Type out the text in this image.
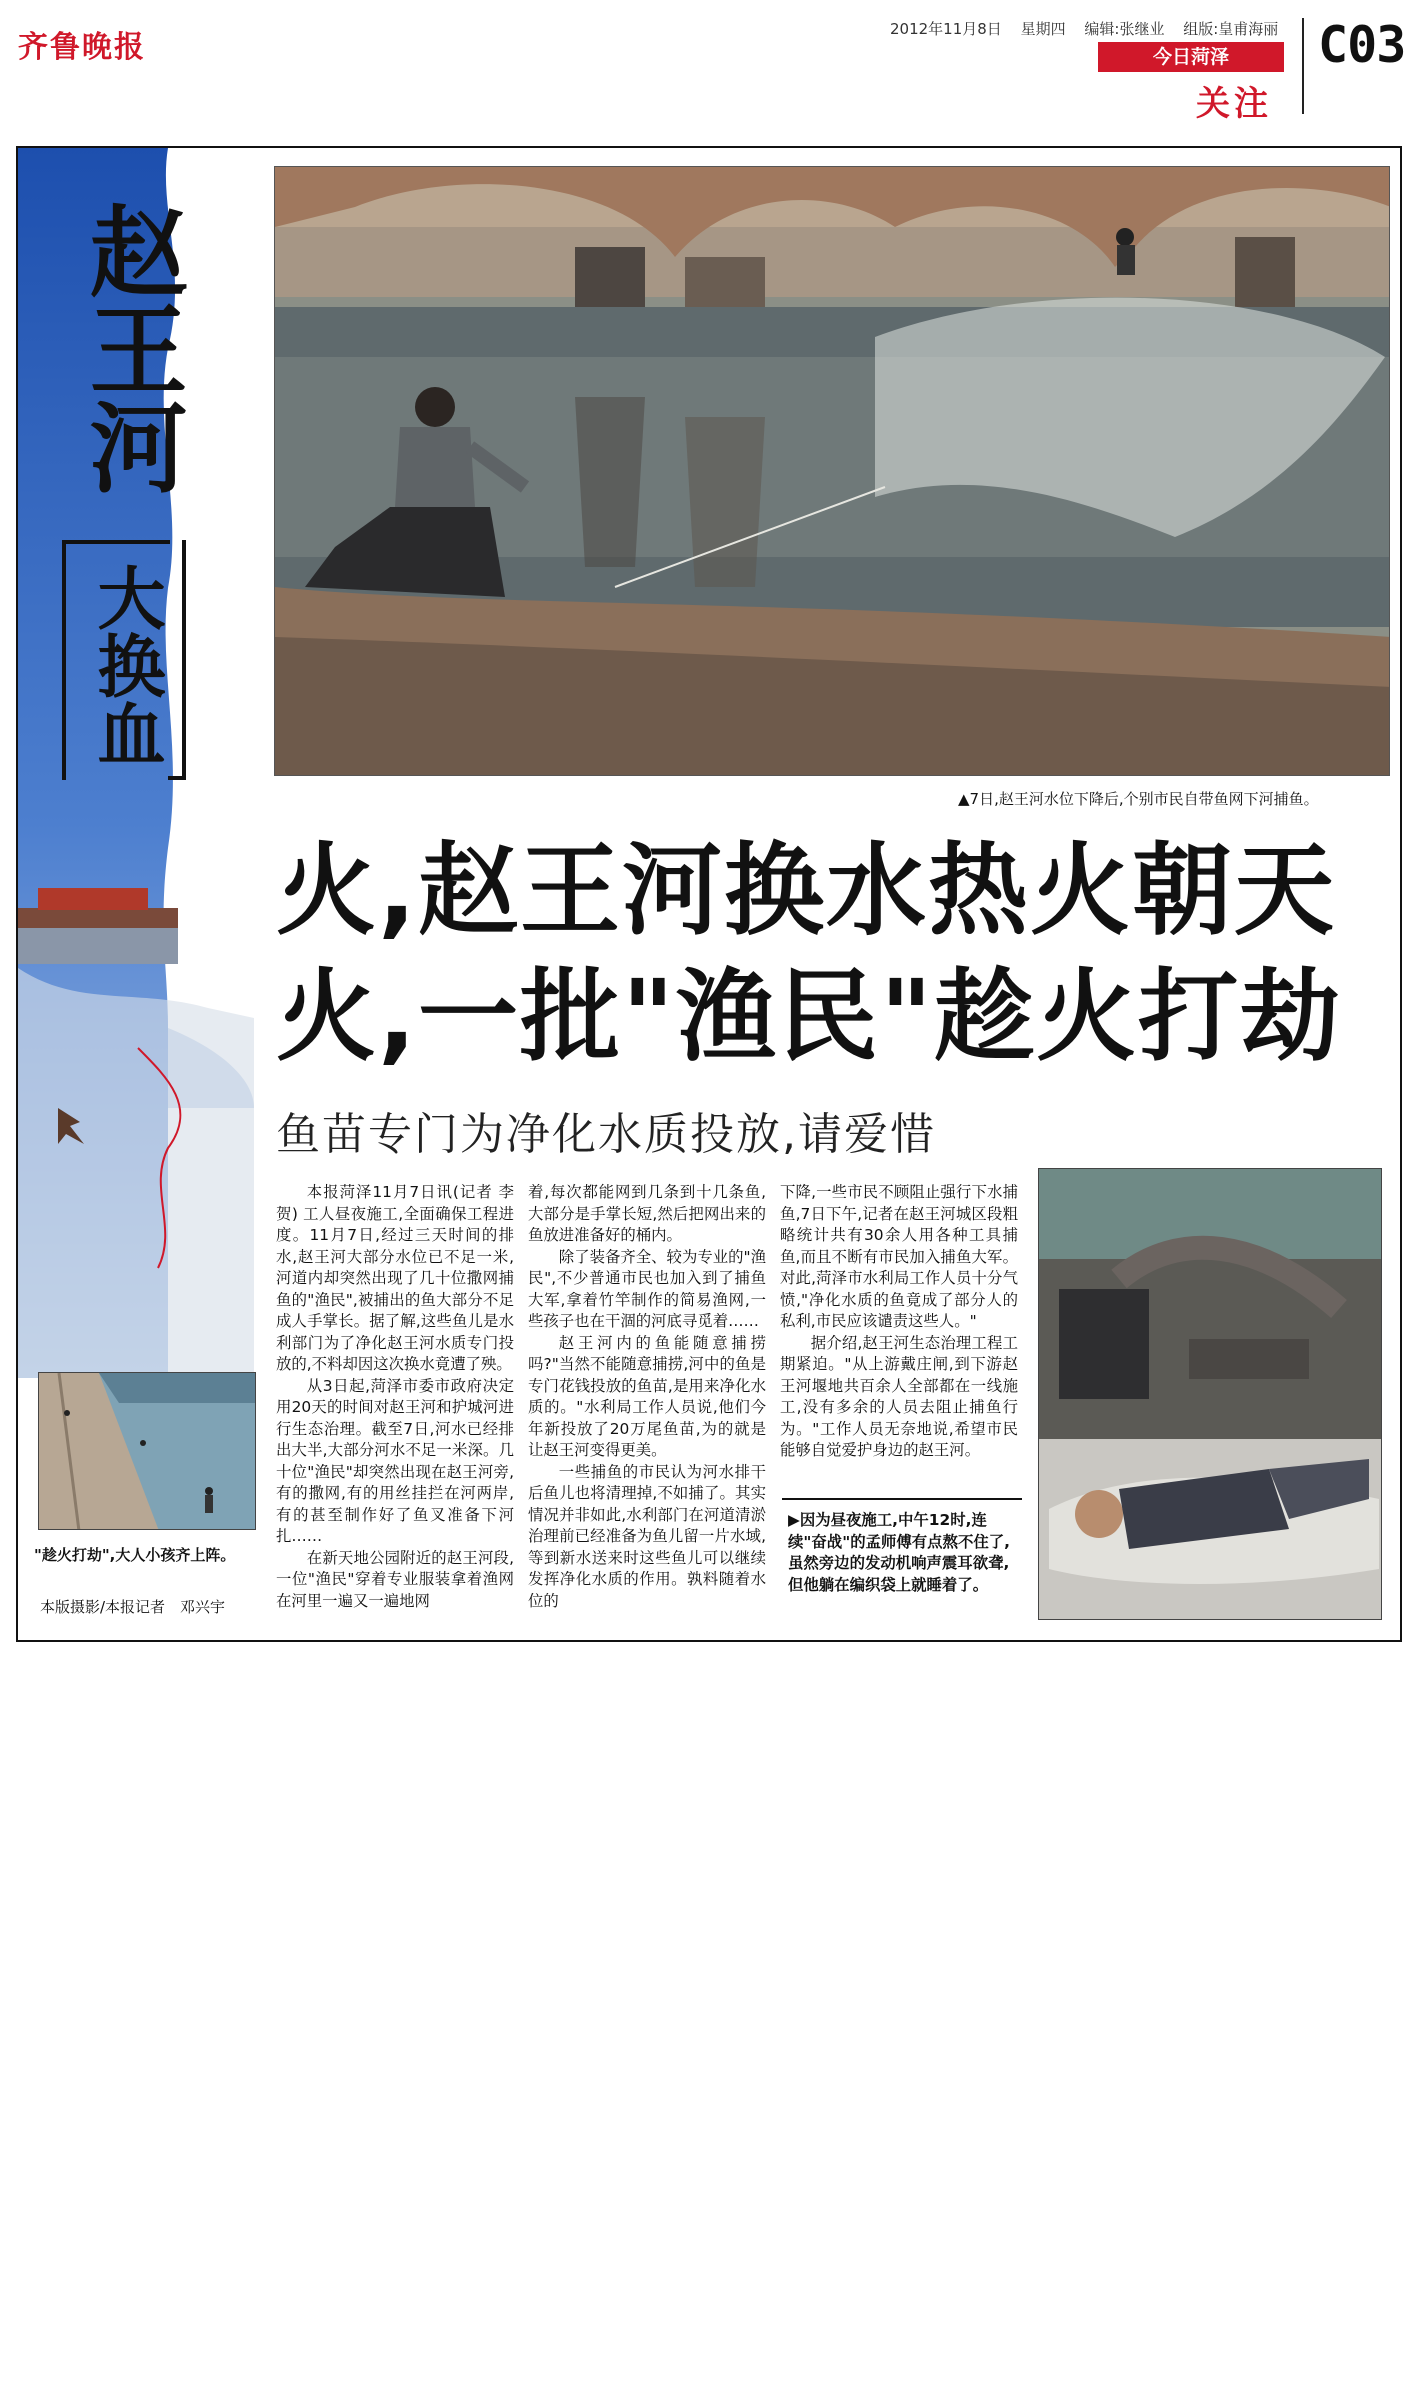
齐鲁晚报
2012年11月8日 星期四 编辑:张继业 组版:皇甫海丽
今日菏泽
关注
C03
赵王河
大换血
▲7日,赵王河水位下降后,个别市民自带鱼网下河捕鱼。
火,赵王河换水热火朝天
火,一批"渔民"趁火打劫
鱼苗专门为净化水质投放,请爱惜
"趁火打劫",大人小孩齐上阵。
本版摄影/本报记者　邓兴宇

本报菏泽11月7日讯(记者 李贺) 工人昼夜施工,全面确保工程进度。11月7日,经过三天时间的排水,赵王河大部分水位已不足一米,河道内却突然出现了几十位撒网捕鱼的"渔民",被捕出的鱼大部分不足成人手掌长。据了解,这些鱼儿是水利部门为了净化赵王河水质专门投放的,不料却因这次换水竟遭了殃。

从3日起,菏泽市委市政府决定用20天的时间对赵王河和护城河进行生态治理。截至7日,河水已经排出大半,大部分河水不足一米深。几十位"渔民"却突然出现在赵王河旁,有的撒网,有的用丝挂拦在河两岸,有的甚至制作好了鱼叉准备下河扎……

在新天地公园附近的赵王河段,一位"渔民"穿着专业服装拿着渔网在河里一遍又一遍地网

着,每次都能网到几条到十几条鱼,大部分是手掌长短,然后把网出来的鱼放进准备好的桶内。

除了装备齐全、较为专业的"渔民",不少普通市民也加入到了捕鱼大军,拿着竹竿制作的简易渔网,一些孩子也在干涸的河底寻觅着……

赵王河内的鱼能随意捕捞吗?"当然不能随意捕捞,河中的鱼是专门花钱投放的鱼苗,是用来净化水质的。"水利局工作人员说,他们今年新投放了20万尾鱼苗,为的就是让赵王河变得更美。

一些捕鱼的市民认为河水排干后鱼儿也将清理掉,不如捕了。其实情况并非如此,水利部门在河道清淤治理前已经准备为鱼儿留一片水域,等到新水送来时这些鱼儿可以继续发挥净化水质的作用。孰料随着水位的

下降,一些市民不顾阻止强行下水捕鱼,7日下午,记者在赵王河城区段粗略统计共有30余人用各种工具捕鱼,而且不断有市民加入捕鱼大军。对此,菏泽市水利局工作人员十分气愤,"净化水质的鱼竟成了部分人的私利,市民应该谴责这些人。"

据介绍,赵王河生态治理工程工期紧迫。"从上游戴庄闸,到下游赵王河堰地共百余人全部都在一线施工,没有多余的人员去阻止捕鱼行为。"工作人员无奈地说,希望市民能够自觉爱护身边的赵王河。

▶因为昼夜施工,中午12时,连续"奋战"的孟师傅有点熬不住了,虽然旁边的发动机响声震耳欲聋,但他躺在编织袋上就睡着了。
